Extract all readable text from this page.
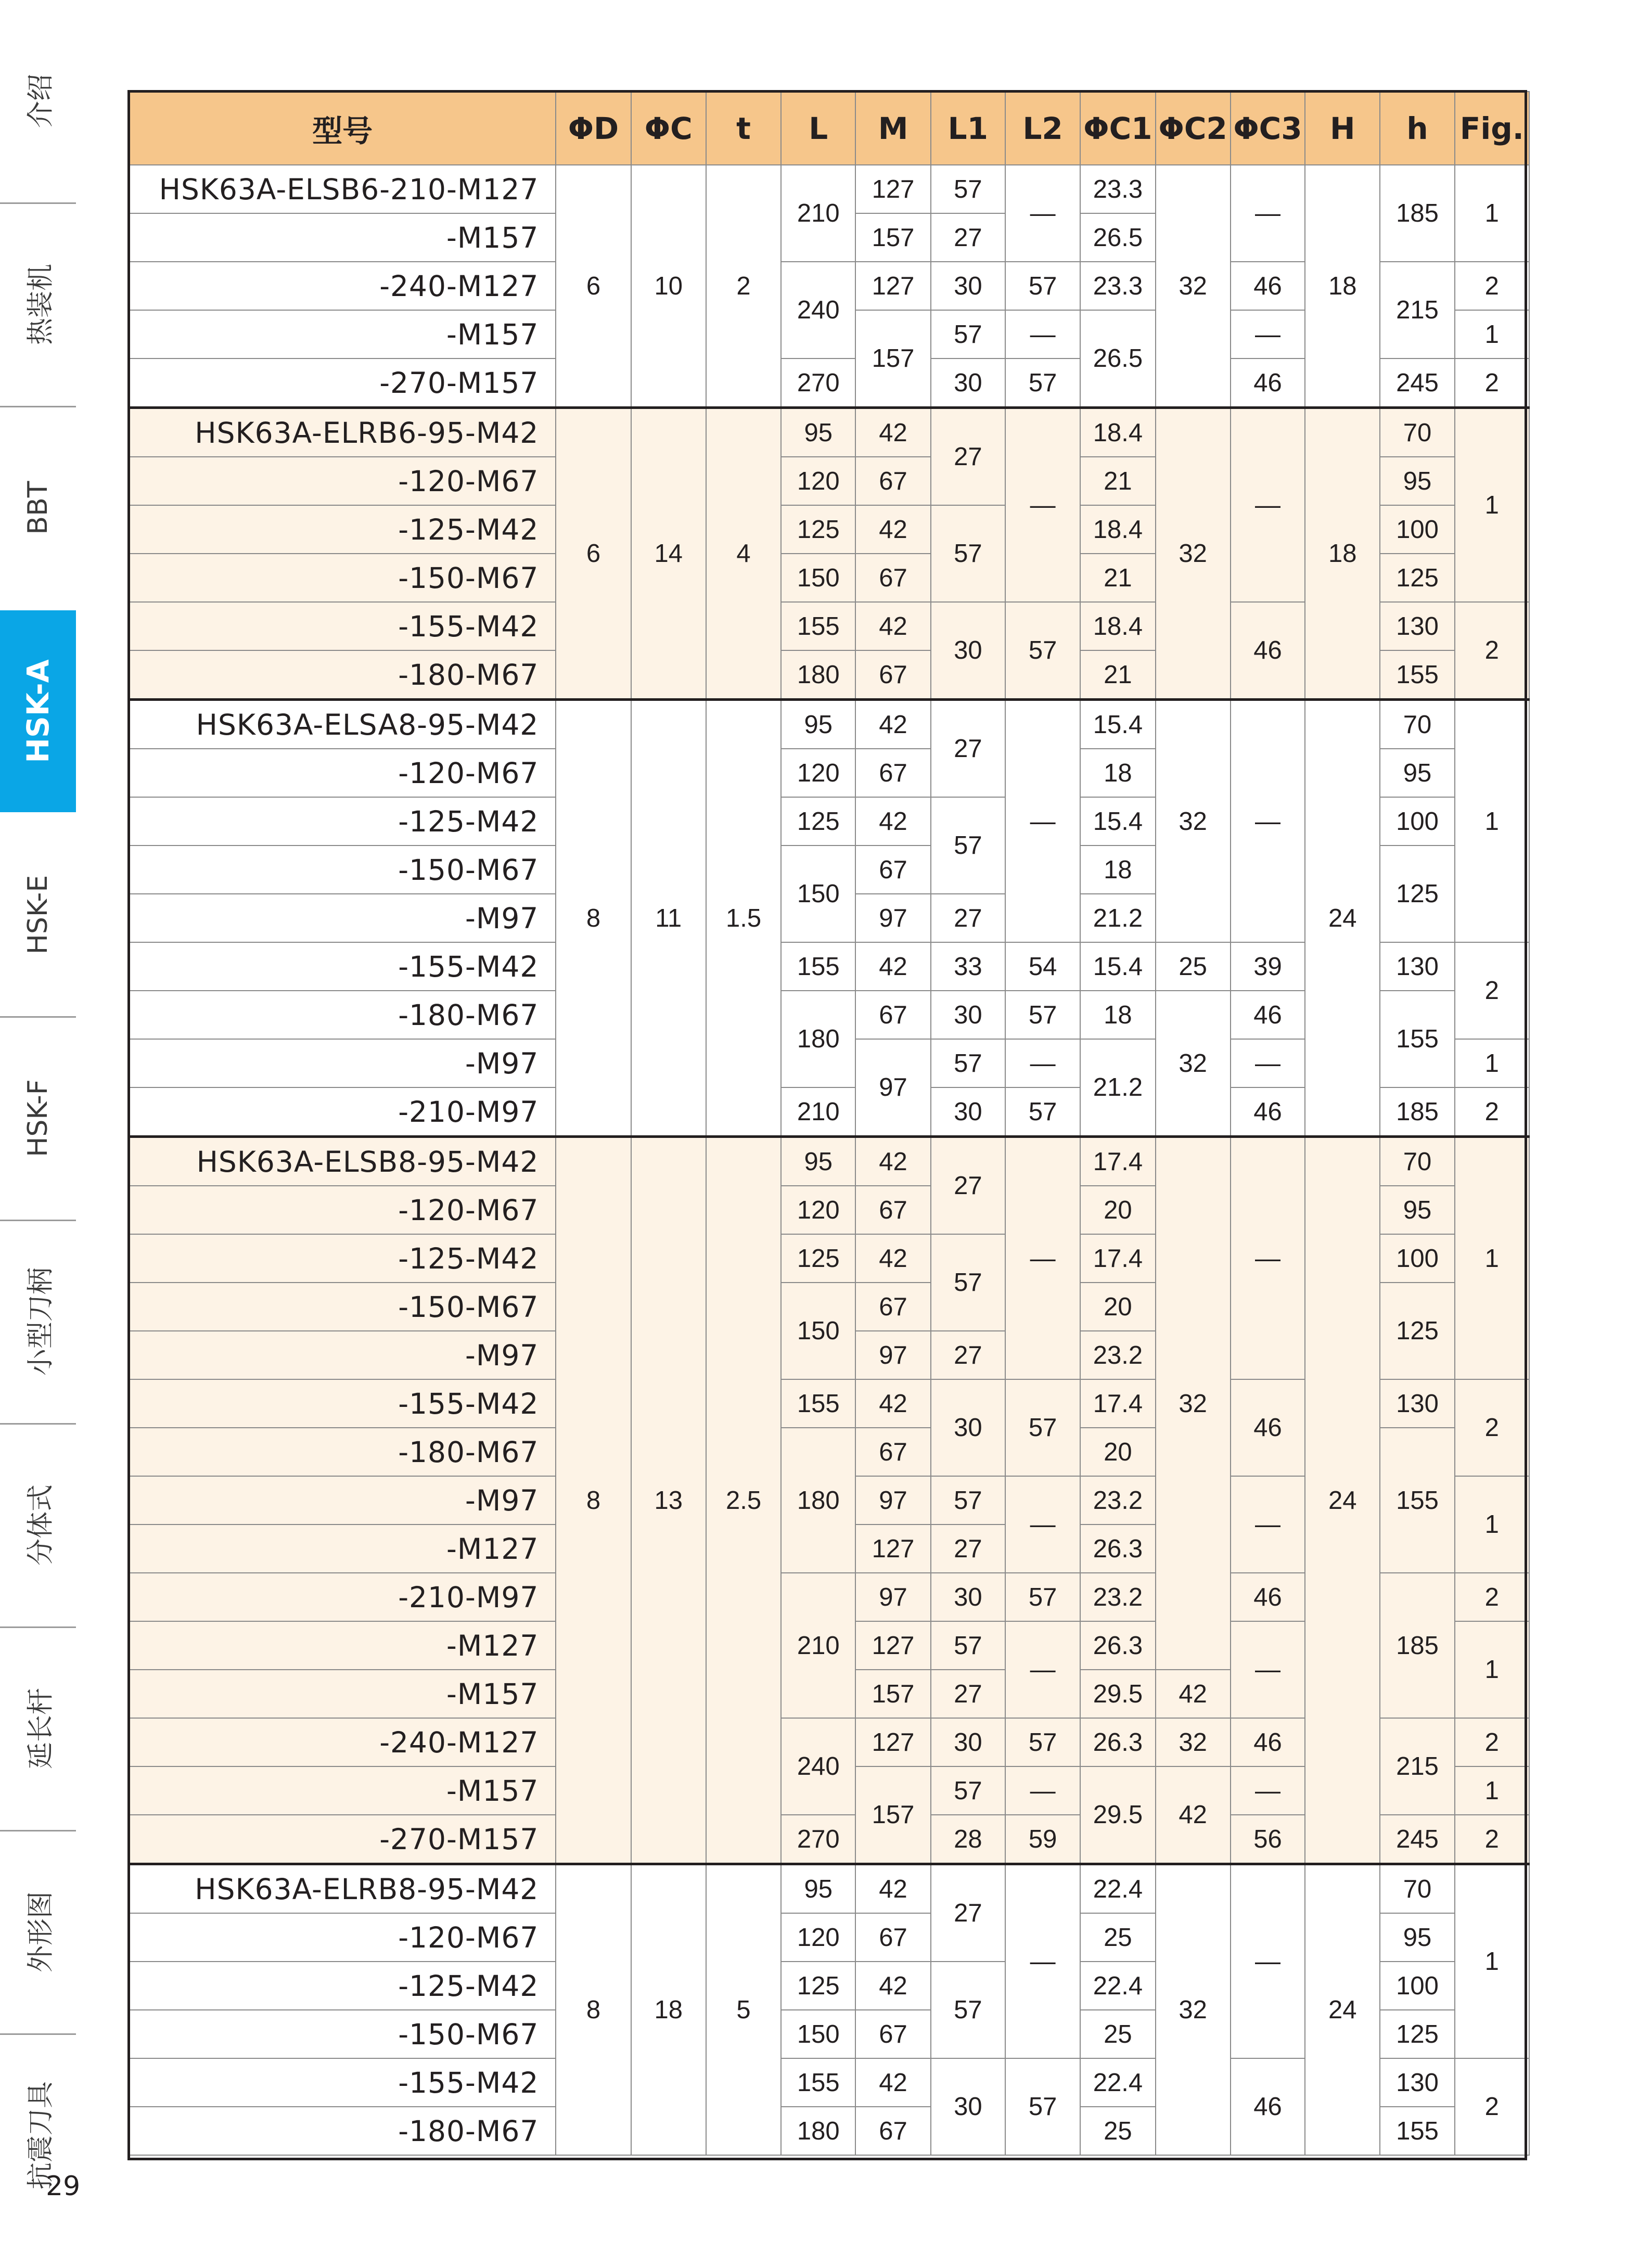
介绍
热装机
BBT
HSK-A
HSK-E
HSK-F
小型刀柄
分体式
延长杆
外形图
抗震刀具
29
型号	ΦD	ΦC	t	L	M	L1	L2	ΦC1	ΦC2	ΦC3	H	h	Fig.
HSK63A-ELSB6-210-M127	6	10	2	210	127	57	—	23.3	32	—	18	185	1
-M157					157	27		26.5					
-240-M127				240	127	30	57	23.3		46		215	2
-M157					157	57	—	26.5		—			1
-270-M157				270		30	57			46		245	2
HSK63A-ELRB6-95-M42	6	14	4	95	42	27	—	18.4	32	—	18	70	1
-120-M67				120	67			21				95	
-125-M42				125	42	57		18.4				100	
-150-M67				150	67			21				125	
-155-M42				155	42	30	57	18.4		46		130	2
-180-M67				180	67			21				155	
HSK63A-ELSA8-95-M42	8	11	1.5	95	42	27	—	15.4	32	—	24	70	1
-120-M67				120	67			18				95	
-125-M42				125	42	57		15.4				100	
-150-M67				150	67			18				125	
-M97					97	27		21.2					
-155-M42				155	42	33	54	15.4	25	39		130	2
-180-M67				180	67	30	57	18	32	46		155	
-M97					97	57	—	21.2		—			1
-210-M97				210		30	57			46		185	2
HSK63A-ELSB8-95-M42	8	13	2.5	95	42	27	—	17.4	32	—	24	70	1
-120-M67				120	67			20				95	
-125-M42				125	42	57		17.4				100	
-150-M67				150	67			20				125	
-M97					97	27		23.2					
-155-M42				155	42	30	57	17.4		46		130	2
-180-M67				180	67			20				155	
-M97					97	57	—	23.2		—			1
-M127					127	27		26.3					
-210-M97				210	97	30	57	23.2		46		185	2
-M127					127	57	—	26.3		—			1
-M157					157	27		29.5	42				
-240-M127				240	127	30	57	26.3	32	46		215	2
-M157					157	57	—	29.5	42	—			1
-270-M157				270		28	59			56		245	2
HSK63A-ELRB8-95-M42	8	18	5	95	42	27	—	22.4	32	—	24	70	1
-120-M67				120	67			25				95	
-125-M42				125	42	57		22.4				100	
-150-M67				150	67			25				125	
-155-M42				155	42	30	57	22.4		46		130	2
-180-M67				180	67			25				155	
